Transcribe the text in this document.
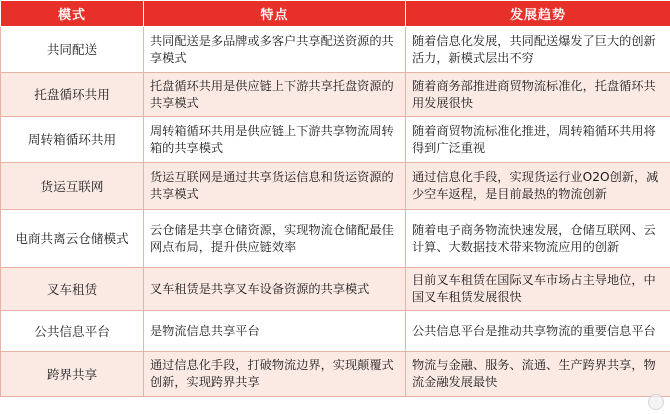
模式	特点	发展趋势
共同配送	共同配送是多品牌或多客户共享配送资源的共享模式	随着信息化发展，共同配送爆发了巨大的创新活力，新模式层出不穷
托盘循环共用	托盘循环共用是供应链上下游共享托盘资源的共享模式	随着商务部推进商贸物流标准化，托盘循环共用发展很快
周转箱循环共用	周转箱循环共用是供应链上下游共享物流周转箱的共享模式	随着商贸物流标准化推进，周转箱循环共用将得到广泛重视
货运互联网	货运互联网是通过共享货运信息和货运资源的共享模式	通过信息化手段，实现货运行业O2O创新，减少空车返程，是目前最热的物流创新
电商共离云仓储模式	云仓储是共享仓储资源，实现物流仓储配最佳网点布局，提升供应链效率	随着电子商务物流快速发展，仓储互联网、云计算、大数据技术带来物流应用的创新
叉车租赁	叉车租赁是共享叉车设备资源的共享模式	目前叉车租赁在国际叉车市场占主导地位，中国叉车租赁发展很快
公共信息平台	是物流信息共享平台	公共信息平台是推动共享物流的重要信息平台
跨界共享	通过信息化手段，打破物流边界，实现颠覆式创新，实现跨界共享	物流与金融、服务、流通、生产跨界共享，物流金融发展最快
